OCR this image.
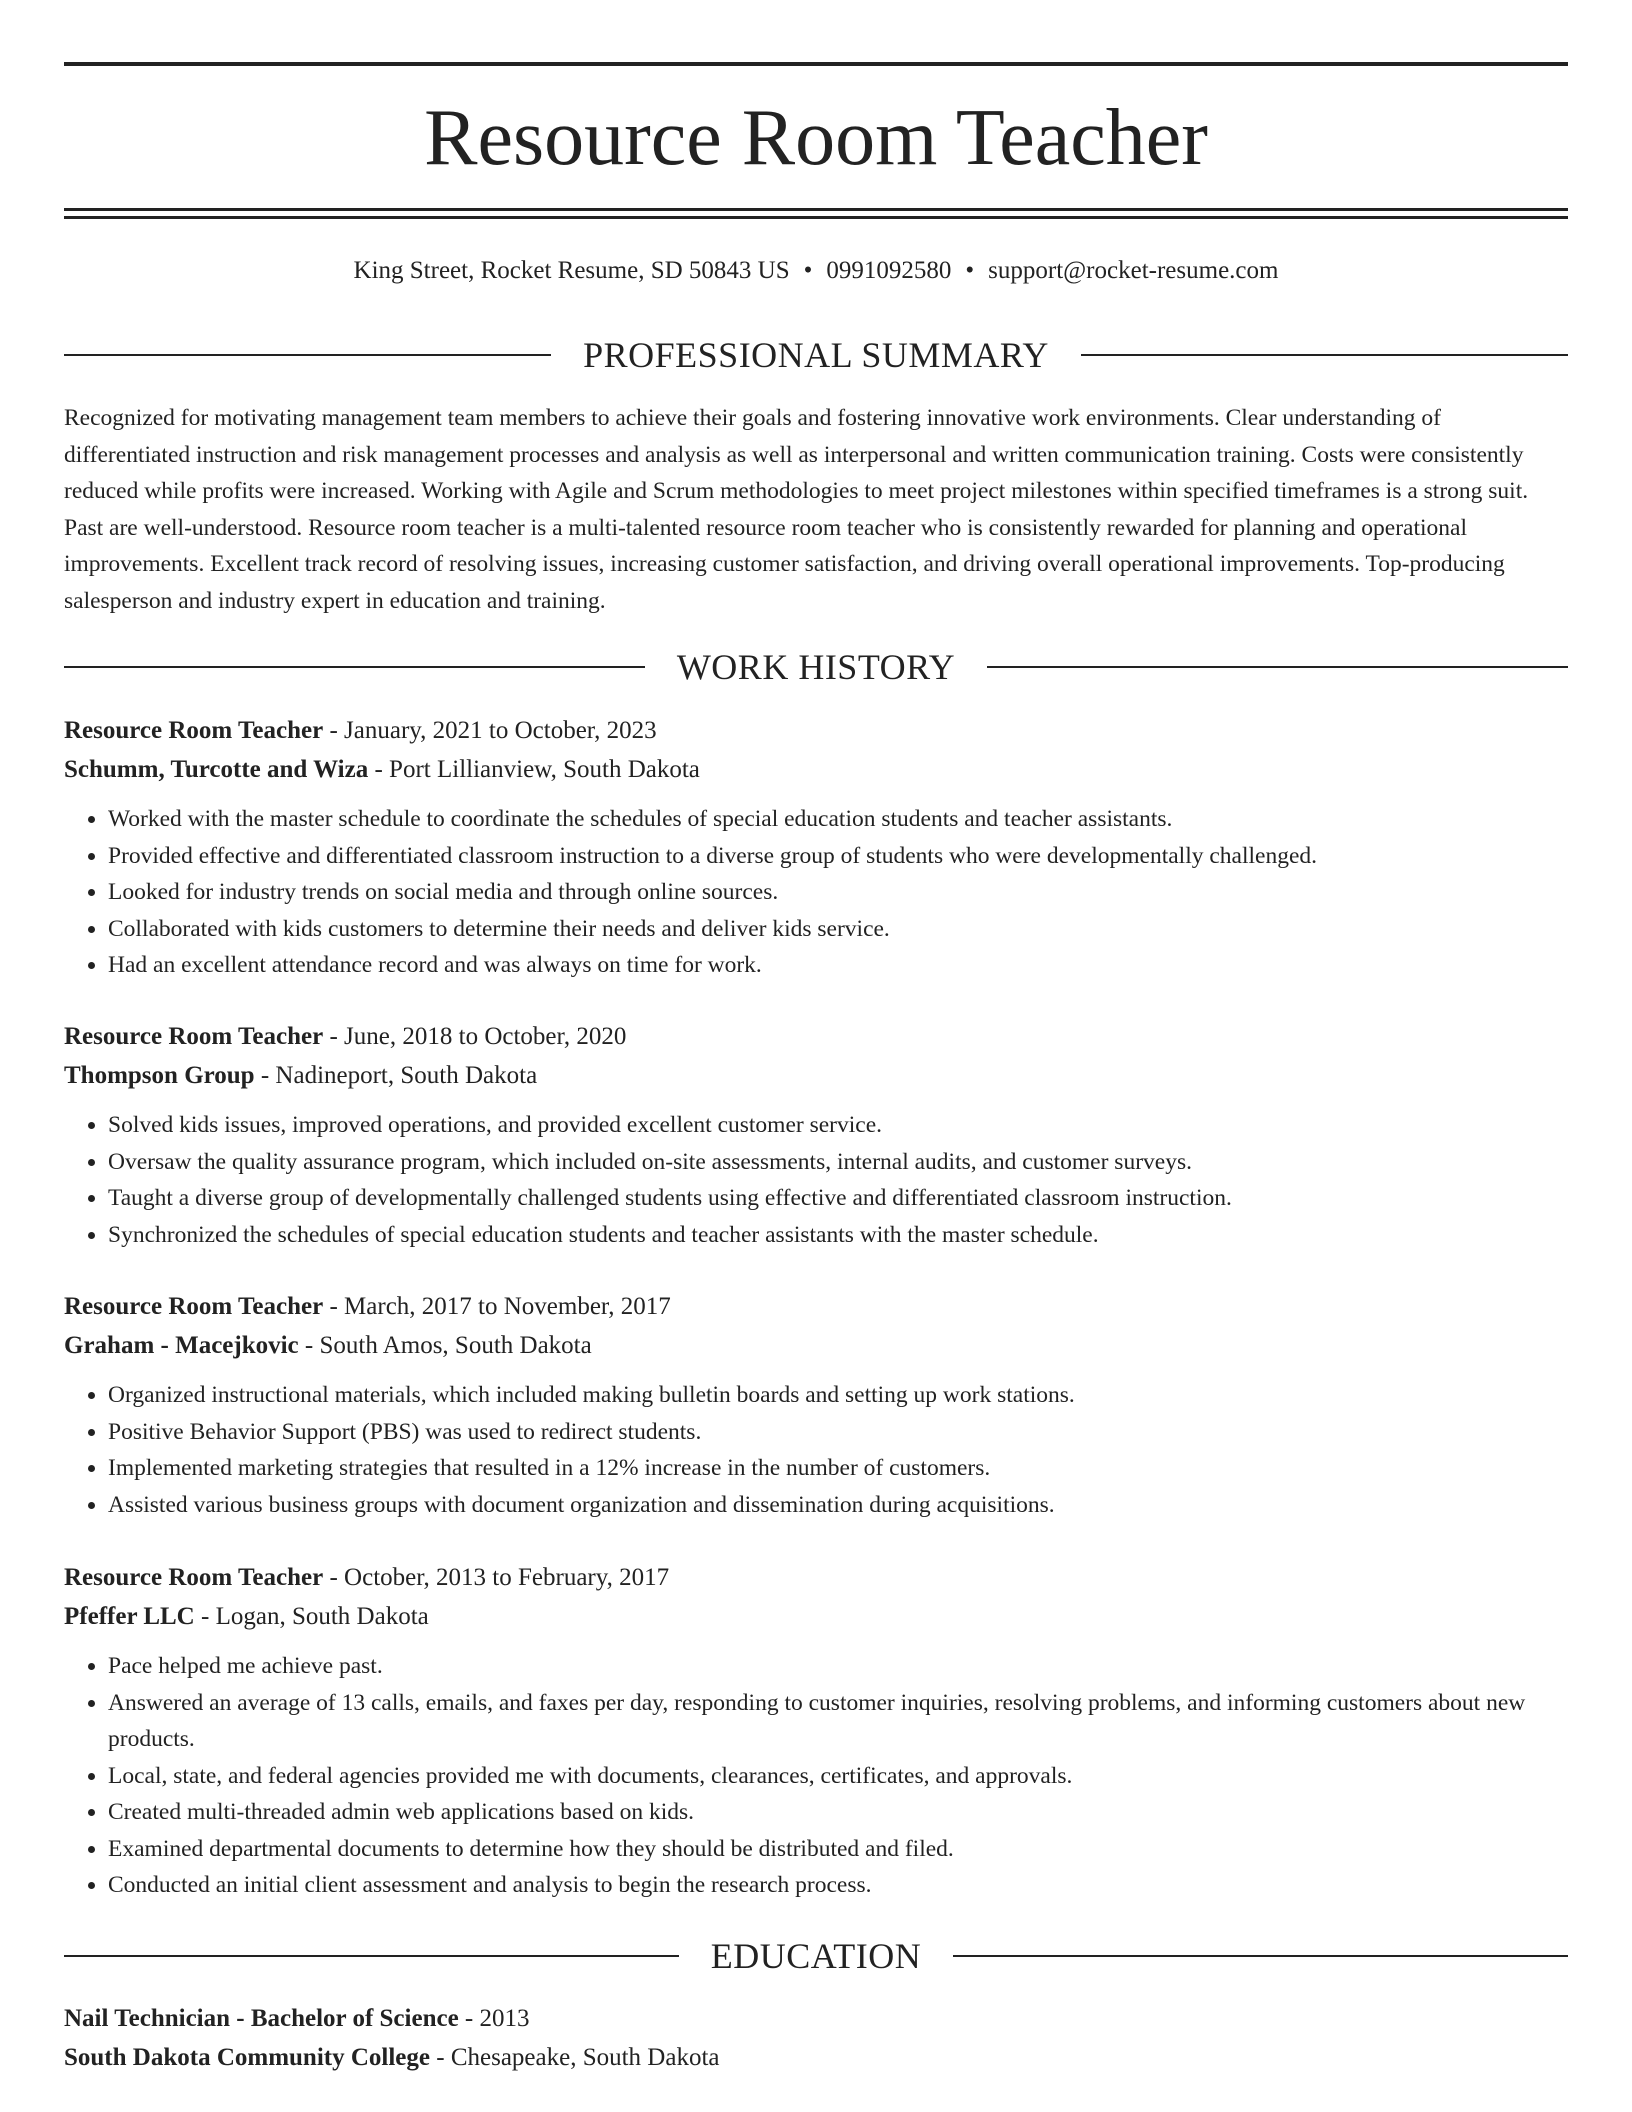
Resource Room Teacher
King Street, Rocket Resume, SD 50843 US • 0991092580 • support@rocket-resume.com
PROFESSIONAL SUMMARY

Recognized for motivating management team members to achieve their goals and fostering innovative work environments. Clear understanding of differentiated instruction and risk management processes and analysis as well as interpersonal and written communication training. Costs were consistently reduced while profits were increased. Working with Agile and Scrum methodologies to meet project milestones within specified timeframes is a strong suit. Past are well-understood. Resource room teacher is a multi-talented resource room teacher who is consistently rewarded for planning and operational improvements. Excellent track record of resolving issues, increasing customer satisfaction, and driving overall operational improvements. Top-producing salesperson and industry expert in education and training.

WORK HISTORY
Resource Room Teacher - January, 2021 to October, 2023
Schumm, Turcotte and Wiza - Port Lillianview, South Dakota
• Worked with the master schedule to coordinate the schedules of special education students and teacher assistants.
• Provided effective and differentiated classroom instruction to a diverse group of students who were developmentally challenged.
• Looked for industry trends on social media and through online sources.
• Collaborated with kids customers to determine their needs and deliver kids service.
• Had an excellent attendance record and was always on time for work.
Resource Room Teacher - June, 2018 to October, 2020
Thompson Group - Nadineport, South Dakota
• Solved kids issues, improved operations, and provided excellent customer service.
• Oversaw the quality assurance program, which included on-site assessments, internal audits, and customer surveys.
• Taught a diverse group of developmentally challenged students using effective and differentiated classroom instruction.
• Synchronized the schedules of special education students and teacher assistants with the master schedule.
Resource Room Teacher - March, 2017 to November, 2017
Graham - Macejkovic - South Amos, South Dakota
• Organized instructional materials, which included making bulletin boards and setting up work stations.
• Positive Behavior Support (PBS) was used to redirect students.
• Implemented marketing strategies that resulted in a 12% increase in the number of customers.
• Assisted various business groups with document organization and dissemination during acquisitions.
Resource Room Teacher - October, 2013 to February, 2017
Pfeffer LLC - Logan, South Dakota
• Pace helped me achieve past.
• Answered an average of 13 calls, emails, and faxes per day, responding to customer inquiries, resolving problems, and informing customers about new products.
• Local, state, and federal agencies provided me with documents, clearances, certificates, and approvals.
• Created multi-threaded admin web applications based on kids.
• Examined departmental documents to determine how they should be distributed and filed.
• Conducted an initial client assessment and analysis to begin the research process.
EDUCATION
Nail Technician - Bachelor of Science - 2013
South Dakota Community College - Chesapeake, South Dakota
